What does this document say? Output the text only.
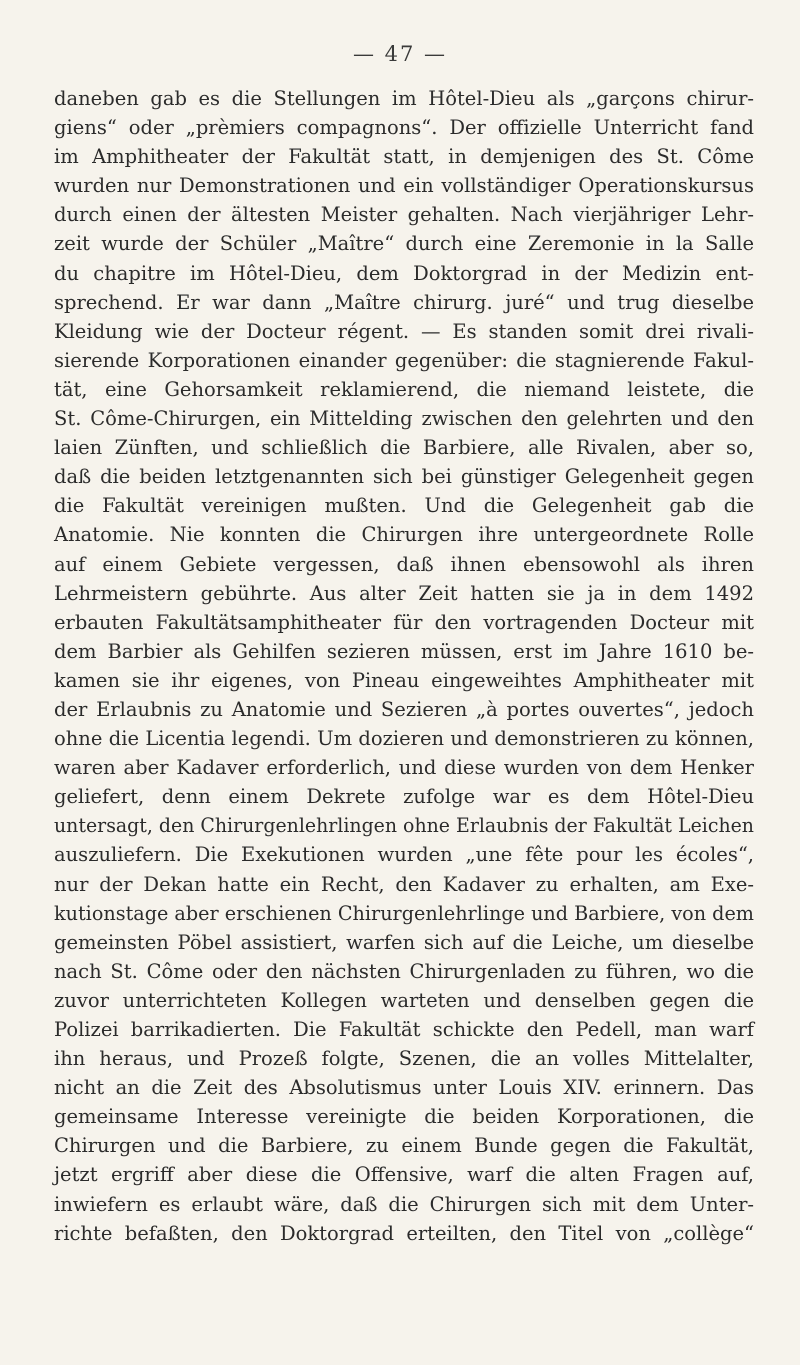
— 47 —
daneben gab es die Stellungen im Hôtel-Dieu als „garçons chirur-
giens“ oder „prèmiers compagnons“. Der offizielle Unterricht fand
im Amphitheater der Fakultät statt, in demjenigen des St. Côme
wurden nur Demonstrationen und ein vollständiger Operationskursus
durch einen der ältesten Meister gehalten. Nach vierjähriger Lehr-
zeit wurde der Schüler „Maître“ durch eine Zeremonie in la Salle
du chapitre im Hôtel-Dieu, dem Doktorgrad in der Medizin ent-
sprechend. Er war dann „Maître chirurg. juré“ und trug dieselbe
Kleidung wie der Docteur régent. — Es standen somit drei rivali-
sierende Korporationen einander gegenüber: die stagnierende Fakul-
tät, eine Gehorsamkeit reklamierend, die niemand leistete, die
St. Côme-Chirurgen, ein Mittelding zwischen den gelehrten und den
laien Zünften, und schließlich die Barbiere, alle Rivalen, aber so,
daß die beiden letztgenannten sich bei günstiger Gelegenheit gegen
die Fakultät vereinigen mußten. Und die Gelegenheit gab die
Anatomie. Nie konnten die Chirurgen ihre untergeordnete Rolle
auf einem Gebiete vergessen, daß ihnen ebensowohl als ihren
Lehrmeistern gebührte. Aus alter Zeit hatten sie ja in dem 1492
erbauten Fakultätsamphitheater für den vortragenden Docteur mit
dem Barbier als Gehilfen sezieren müssen, erst im Jahre 1610 be-
kamen sie ihr eigenes, von Pineau eingeweihtes Amphitheater mit
der Erlaubnis zu Anatomie und Sezieren „à portes ouvertes“, jedoch
ohne die Licentia legendi. Um dozieren und demonstrieren zu können,
waren aber Kadaver erforderlich, und diese wurden von dem Henker
geliefert, denn einem Dekrete zufolge war es dem Hôtel-Dieu
untersagt, den Chirurgenlehrlingen ohne Erlaubnis der Fakultät Leichen
auszuliefern. Die Exekutionen wurden „une fête pour les écoles“,
nur der Dekan hatte ein Recht, den Kadaver zu erhalten, am Exe-
kutionstage aber erschienen Chirurgenlehrlinge und Barbiere, von dem
gemeinsten Pöbel assistiert, warfen sich auf die Leiche, um dieselbe
nach St. Côme oder den nächsten Chirurgenladen zu führen, wo die
zuvor unterrichteten Kollegen warteten und denselben gegen die
Polizei barrikadierten. Die Fakultät schickte den Pedell, man warf
ihn heraus, und Prozeß folgte, Szenen, die an volles Mittelalter,
nicht an die Zeit des Absolutismus unter Louis XIV. erinnern. Das
gemeinsame Interesse vereinigte die beiden Korporationen, die
Chirurgen und die Barbiere, zu einem Bunde gegen die Fakultät,
jetzt ergriff aber diese die Offensive, warf die alten Fragen auf,
inwiefern es erlaubt wäre, daß die Chirurgen sich mit dem Unter-
richte befaßten, den Doktorgrad erteilten, den Titel von „collège“
